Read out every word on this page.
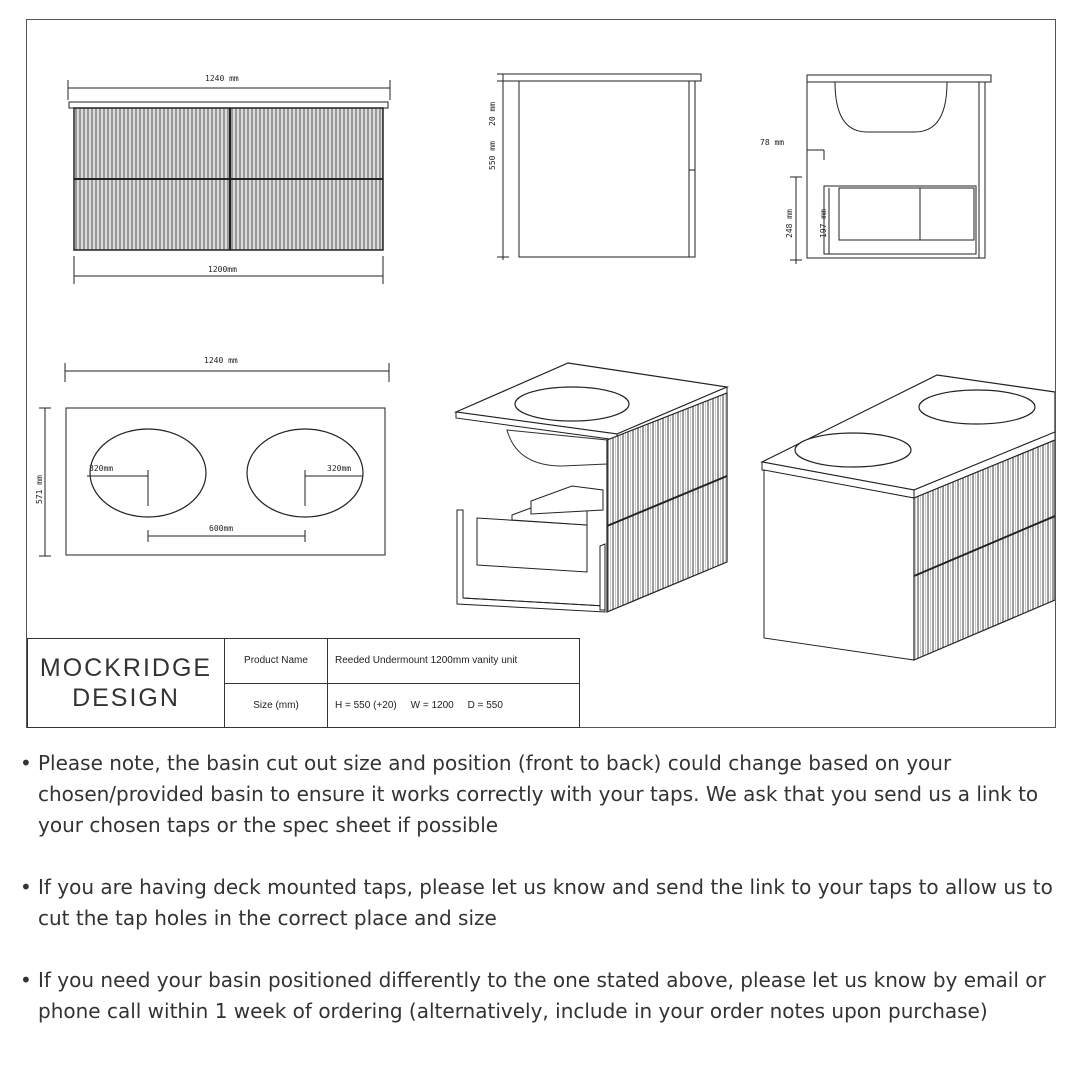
1240 mm
1200mm
20 mm
550 mm	78 mm
248 mm	197 mm
1240 mm
571 mm
320mm	320mm
600mm
MOCKRIDGE
DESIGN	Product Name	Reeded Undermount 1200mm vanity unit
	Size (mm)	H = 550 (+20) W = 1200 D = 550
• Please note, the basin cut out size and position (front to back) could change based on your chosen/provided basin to ensure it works correctly with your taps. We ask that you send us a link to your chosen taps or the spec sheet if possible
• If you are having deck mounted taps, please let us know and send the link to your taps to allow us to cut the tap holes in the correct place and size
• If you need your basin positioned differently to the one stated above, please let us know by email or phone call within 1 week of ordering (alternatively, include in your order notes upon purchase)
